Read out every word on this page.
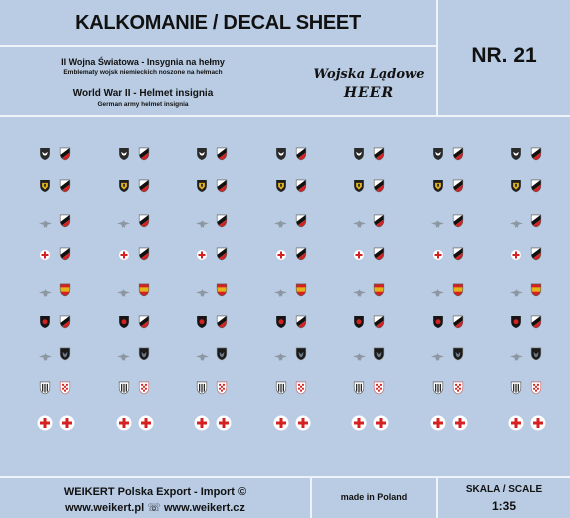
KALKOMANIE / DECAL SHEET
II Wojna Światowa - Insygnia na hełmy
Emblematy wojsk niemieckich noszone na hełmach
World War II - Helmet insignia
German army helmet insignia
Wojska Lądowe
HEER
NR. 21
WEIKERT Polska Export - Import ©
www.weikert.pl ☏ www.weikert.cz
made in Poland
SKALA / SCALE
1:35
